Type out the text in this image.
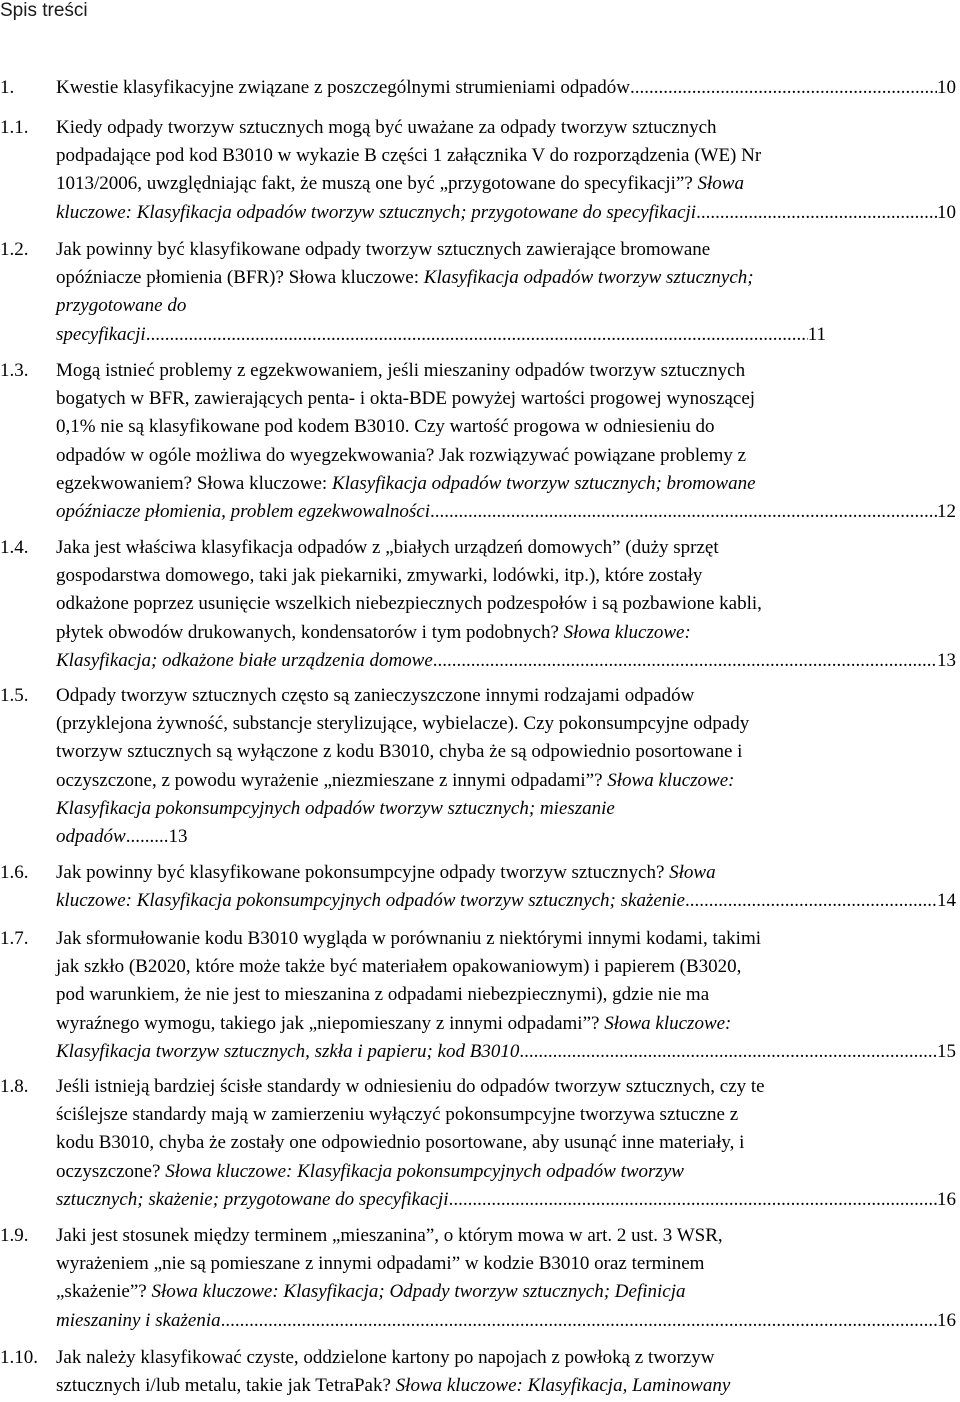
Spis treści
1. Kwestie klasyfikacyjne związane z poszczególnymi strumieniami odpadów .....	10
1.1. Kiedy odpady tworzyw sztucznych mogą być uważane za odpady tworzyw sztucznych
podpadające pod kod B3010 w wykazie B części 1 załącznika V do rozporządzenia (WE) Nr
1013/2006, uwzględniając fakt, że muszą one być „przygotowane do specyfikacji”? Słowa
kluczowe: Klasyfikacja odpadów tworzyw sztucznych; przygotowane do specyfikacji .....	10
1.2. Jak powinny być klasyfikowane odpady tworzyw sztucznych zawierające bromowane
opóźniacze płomienia (BFR)? Słowa kluczowe: Klasyfikacja odpadów tworzyw sztucznych;
przygotowane do
specyfikacji .....	11
1.3. Mogą istnieć problemy z egzekwowaniem, jeśli mieszaniny odpadów tworzyw sztucznych
bogatych w BFR, zawierających penta- i okta-BDE powyżej wartości progowej wynoszącej
0,1% nie są klasyfikowane pod kodem B3010. Czy wartość progowa w odniesieniu do
odpadów w ogóle możliwa do wyegzekwowania? Jak rozwiązywać powiązane problemy z
egzekwowaniem? Słowa kluczowe: Klasyfikacja odpadów tworzyw sztucznych; bromowane
opóźniacze płomienia, problem egzekwowalności .....	12
1.4. Jaka jest właściwa klasyfikacja odpadów z „białych urządzeń domowych” (duży sprzęt
gospodarstwa domowego, taki jak piekarniki, zmywarki, lodówki, itp.), które zostały
odkażone poprzez usunięcie wszelkich niebezpiecznych podzespołów i są pozbawione kabli,
płytek obwodów drukowanych, kondensatorów i tym podobnych? Słowa kluczowe:
Klasyfikacja; odkażone białe urządzenia domowe .....	13
1.5. Odpady tworzyw sztucznych często są zanieczyszczone innymi rodzajami odpadów
(przyklejona żywność, substancje sterylizujące, wybielacze). Czy pokonsumpcyjne odpady
tworzyw sztucznych są wyłączone z kodu B3010, chyba że są odpowiednio posortowane i
oczyszczone, z powodu wyrażenie „niezmieszane z innymi odpadami”? Słowa kluczowe:
Klasyfikacja pokonsumpcyjnych odpadów tworzyw sztucznych; mieszanie
odpadów.........13
1.6. Jak powinny być klasyfikowane pokonsumpcyjne odpady tworzyw sztucznych? Słowa
kluczowe: Klasyfikacja pokonsumpcyjnych odpadów tworzyw sztucznych; skażenie .....	14
1.7. Jak sformułowanie kodu B3010 wygląda w porównaniu z niektórymi innymi kodami, takimi
jak szkło (B2020, które może także być materiałem opakowaniowym) i papierem (B3020,
pod warunkiem, że nie jest to mieszanina z odpadami niebezpiecznymi), gdzie nie ma
wyraźnego wymogu, takiego jak „niepomieszany z innymi odpadami”? Słowa kluczowe:
Klasyfikacja tworzyw sztucznych, szkła i papieru; kod B3010 .....	15
1.8. Jeśli istnieją bardziej ścisłe standardy w odniesieniu do odpadów tworzyw sztucznych, czy te
ściślejsze standardy mają w zamierzeniu wyłączyć pokonsumpcyjne tworzywa sztuczne z
kodu B3010, chyba że zostały one odpowiednio posortowane, aby usunąć inne materiały, i
oczyszczone? Słowa kluczowe: Klasyfikacja pokonsumpcyjnych odpadów tworzyw
sztucznych; skażenie; przygotowane do specyfikacji .....	16
1.9. Jaki jest stosunek między terminem „mieszanina”, o którym mowa w art. 2 ust. 3 WSR,
wyrażeniem „nie są pomieszane z innymi odpadami” w kodzie B3010 oraz terminem
„skażenie”? Słowa kluczowe: Klasyfikacja; Odpady tworzyw sztucznych; Definicja
mieszaniny i skażenia .....	16
1.10. Jak należy klasyfikować czyste, oddzielone kartony po napojach z powłoką z tworzyw
sztucznych i/lub metalu, takie jak TetraPak? Słowa kluczowe: Klasyfikacja, Laminowany
